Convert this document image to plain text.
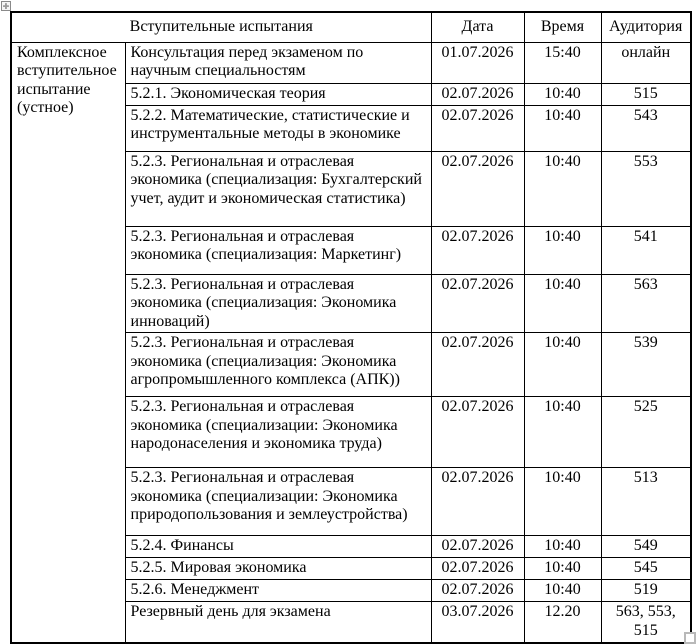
✛
Вступительные испытания		Дата	Время	Аудитория
Комплексное вступительное испытание (устное)	Консультация перед экзаменом по научным специальностям	01.07.2026	15:40	онлайн
	5.2.1. Экономическая теория	02.07.2026	10:40	515
	5.2.2. Математические, статистические и инструментальные методы в экономике	02.07.2026	10:40	543
	5.2.3. Региональная и отраслевая экономика (специализация: Бухгалтерский учет, аудит и экономическая статистика)	02.07.2026	10:40	553
	5.2.3. Региональная и отраслевая экономика (специализация: Маркетинг)	02.07.2026	10:40	541
	5.2.3. Региональная и отраслевая экономика (специализация: Экономика инноваций)	02.07.2026	10:40	563
	5.2.3. Региональная и отраслевая экономика (специализация: Экономика агропромышленного комплекса (АПК))	02.07.2026	10:40	539
	5.2.3. Региональная и отраслевая экономика (специализации: Экономика народонаселения и экономика труда)	02.07.2026	10:40	525
	5.2.3. Региональная и отраслевая экономика (специализации: Экономика природопользования и землеустройства)	02.07.2026	10:40	513
	5.2.4. Финансы	02.07.2026	10:40	549
	5.2.5. Мировая экономика	02.07.2026	10:40	545
	5.2.6. Менеджмент	02.07.2026	10:40	519
	Резервный день для экзамена	03.07.2026	12.20	563, 553, 515
